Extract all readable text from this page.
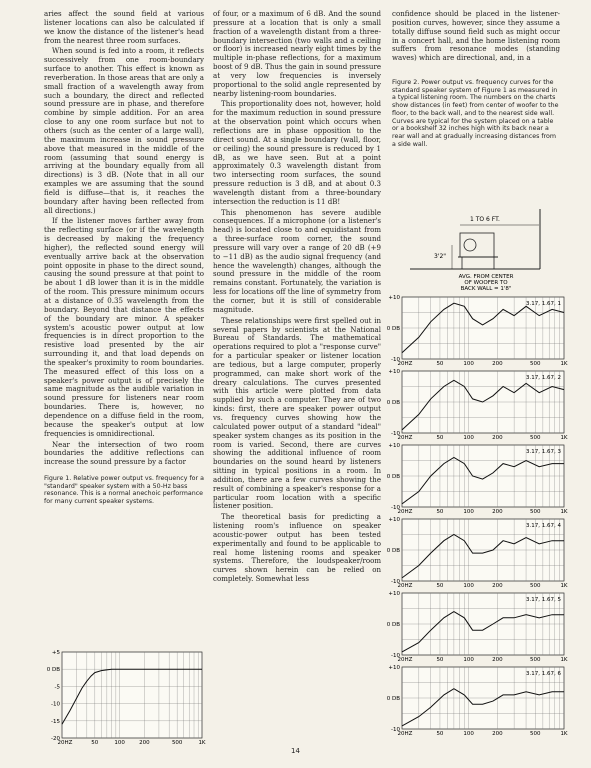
aries affect the sound field at various listener locations can also be calculated if we know the distance of the listener's head from the nearest three room surfaces.

When sound is fed into a room, it reflects successively from one room-boundary surface to another. This effect is known as reverberation. In those areas that are only a small fraction of a wavelength away from such a boundary, the direct and reflected sound pressure are in phase, and therefore combine by simple addition. For an area close to any one room surface but not to others (such as the center of a large wall), the maximum increase in sound pressure above that measured in the middle of the room (assuming that sound energy is arriving at the boundary equally from all directions) is 3 dB. (Note that in all our examples we are assuming that the sound field is diffuse—that is, it reaches the boundary after having been reflected from all directions.)

If the listener moves farther away from the reflecting surface (or if the wavelength is decreased by making the frequency higher), the reflected sound energy will eventually arrive back at the observation point opposite in phase to the direct sound, causing the sound pressure at that point to be about 1 dB lower than it is in the middle of the room. This pressure minimum occurs at a distance of 0.35 wavelength from the boundary. Beyond that distance the effects of the boundary are minor. A speaker system's acoustic power output at low frequencies is in direct proportion to the resistive load presented by the air surrounding it, and that load depends on the speaker's proximity to room boundaries. The measured effect of this loss on a speaker's power output is of precisely the same magnitude as the audible variation in sound pressure for listeners near room boundaries. There is, however, no dependence on a diffuse field in the room, because the speaker's output at low frequencies is omnidirectional.

Near the intersection of two room boundaries the additive reflections can increase the sound pressure by a factor

Figure 1. Relative power output vs. frequency for a "standard" speaker system with a 50-Hz bass resonance. This is a normal anechoic performance for many current speaker systems.

of four, or a maximum of 6 dB. And the sound pressure at a location that is only a small fraction of a wavelength distant from a three-boundary intersection (two walls and a ceiling or floor) is increased nearly eight times by the multiple in-phase reflections, for a maximum boost of 9 dB. Thus the gain in sound pressure at very low frequencies is inversely proportional to the solid angle represented by nearby listening-room boundaries.

This proportionality does not, however, hold for the maximum reduction in sound pressure at the observation point which occurs when reflections are in phase opposition to the direct sound. At a single boundary (wall, floor, or ceiling) the sound pressure is reduced by 1 dB, as we have seen. But at a point approximately 0.3 wavelength distant from two intersecting room surfaces, the sound pressure reduction is 3 dB, and at about 0.3 wavelength distant from a three-boundary intersection the reduction is 11 dB!

This phenomenon has severe audible consequences. If a microphone (or a listener's head) is located close to and equidistant from a three-surface room corner, the sound pressure will vary over a range of 20 dB (+9 to −11 dB) as the audio signal frequency (and hence the wavelength) changes, although the sound pressure in the middle of the room remains constant. Fortunately, the variation is less for locations off the line of symmetry from the corner, but it is still of considerable magnitude.

These relationships were first spelled out in several papers by scientists at the National Bureau of Standards. The mathematical operations required to plot a "response curve" for a particular speaker or listener location are tedious, but a large computer, properly programmed, can make short work of the dreary calculations. The curves presented with this article were plotted from data supplied by such a computer. They are of two kinds: first, there are speaker power output vs. frequency curves showing how the calculated power output of a standard "ideal" speaker system changes as its position in the room is varied. Second, there are curves showing the additional influence of room boundaries on the sound heard by listeners sitting in typical positions in a room. In addition, there are a few curves showing the result of combining a speaker's response for a particular room location with a specific listener position.

The theoretical basis for predicting a listening room's influence on speaker acoustic-power output has been tested experimentally and found to be applicable to real home listening rooms and speaker systems. Therefore, the loudspeaker/room curves shown herein can be relied on completely. Somewhat less

confidence should be placed in the listener-position curves, however, since they assume a totally diffuse sound field such as might occur in a concert hall, and the home listening room suffers from resonance modes (standing waves) which are directional, and, in a

Figure 2. Power output vs. frequency curves for the standard speaker system of Figure 1 as measured in a typical listening room. The numbers on the charts show distances (in feet) from center of woofer to the floor, to the back wall, and to the nearest side wall. Curves are typical for the system placed on a table or a bookshelf 32 inches high with its back near a rear wall and at gradually increasing distances from a side wall.
+5
0 DB
-5
-10
-15
-20
20HZ	50	100	200	500	1K
1 TO 6 FT.
3'2"
AVG. FROM CENTER
OF WOOFER TO
BACK WALL = 1'8"
+10
0 DB
-10
20HZ	50	100	200	500	1K
3.17, 1.67, 1
+10
0 DB
-10
20HZ	50	100	200	500	1K
3.17, 1.67, 2
+10
0 DB
-10
20HZ	50	100	200	500	1K
3.17, 1.67, 3
+10
0 DB
-10
20HZ	50	100	200	500	1K
3.17, 1.67, 4
+10
0 DB
-10
20HZ	50	100	200	500	1K
3.17, 1.67, 5
+10
0 DB
-10
20HZ	50	100	200	500	1K
3.17, 1.67, 6
14
